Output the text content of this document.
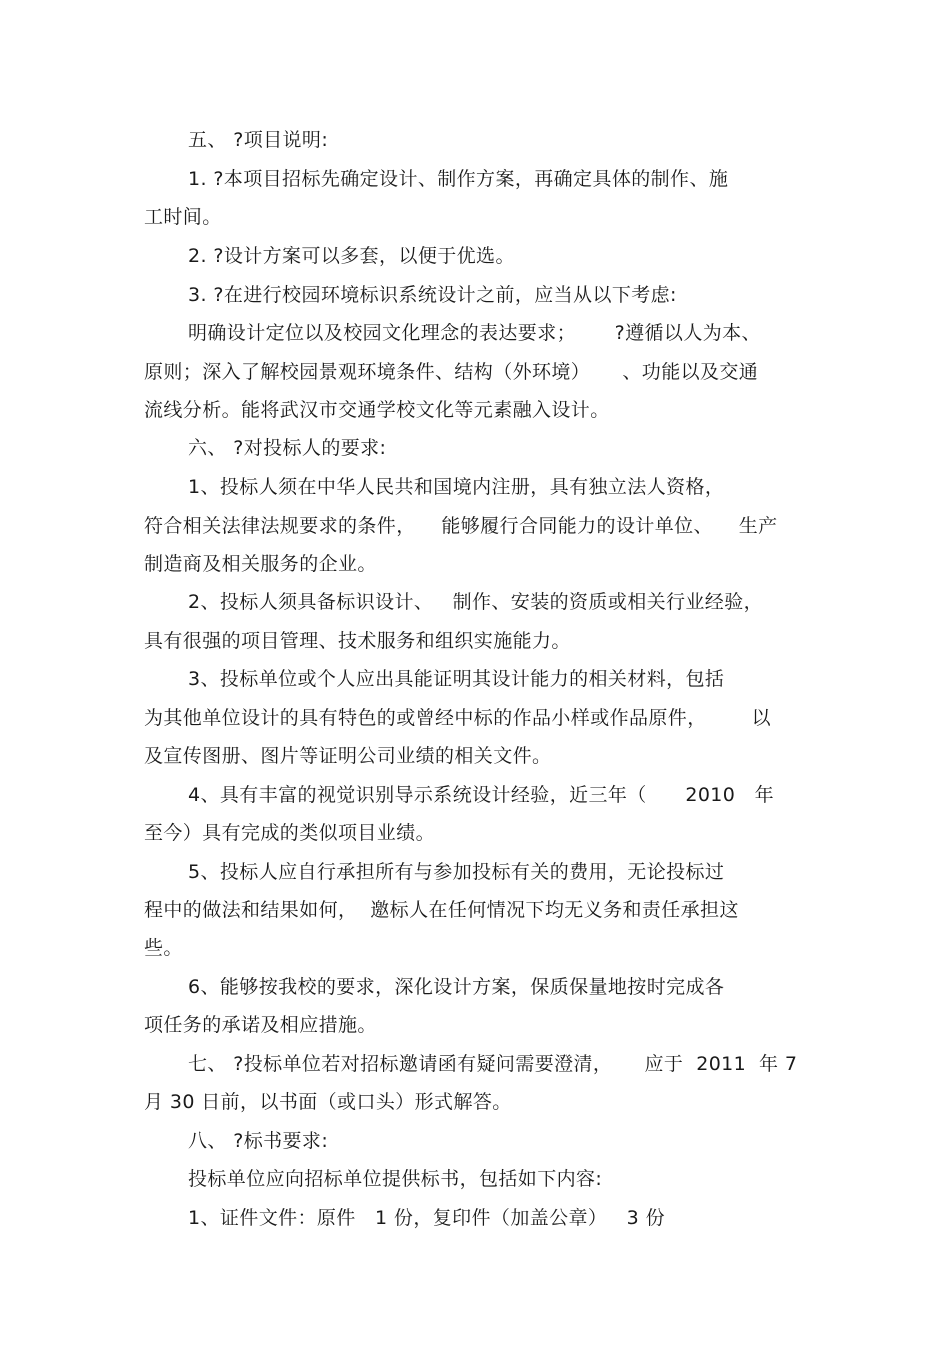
五、 ?项目说明:
1. ?本项目招标先确定设计、制作方案，再确定具体的制作、施
工时间。
2. ?设计方案可以多套，以便于优选。
3. ?在进行校园环境标识系统设计之前，应当从以下考虑:
明确设计定位以及校园文化理念的表达要求；      ?遵循以人为本、
原则；深入了解校园景观环境条件、结构（外环境）     、功能以及交通
流线分析。能将武汉市交通学校文化等元素融入设计。
六、 ?对投标人的要求:
1、投标人须在中华人民共和国境内注册，具有独立法人资格，
符合相关法律法规要求的条件，    能够履行合同能力的设计单位、    生产
制造商及相关服务的企业。
2、投标人须具备标识设计、   制作、安装的资质或相关行业经验，
具有很强的项目管理、技术服务和组织实施能力。
3、投标单位或个人应出具能证明其设计能力的相关材料，包括
为其他单位设计的具有特色的或曾经中标的作品小样或作品原件，       以
及宣传图册、图片等证明公司业绩的相关文件。
4、具有丰富的视觉识别导示系统设计经验，近三年（      2010   年
至今）具有完成的类似项目业绩。
5、投标人应自行承担所有与参加投标有关的费用，无论投标过
程中的做法和结果如何，  邀标人在任何情况下均无义务和责任承担这
些。
6、能够按我校的要求，深化设计方案，保质保量地按时完成各
项任务的承诺及相应措施。
七、 ?投标单位若对招标邀请函有疑问需要澄清，     应于  2011  年 7
月 30 日前，以书面（或口头）形式解答。
八、 ?标书要求:
投标单位应向招标单位提供标书，包括如下内容:
1、证件文件：原件   1 份，复印件（加盖公章）   3 份
